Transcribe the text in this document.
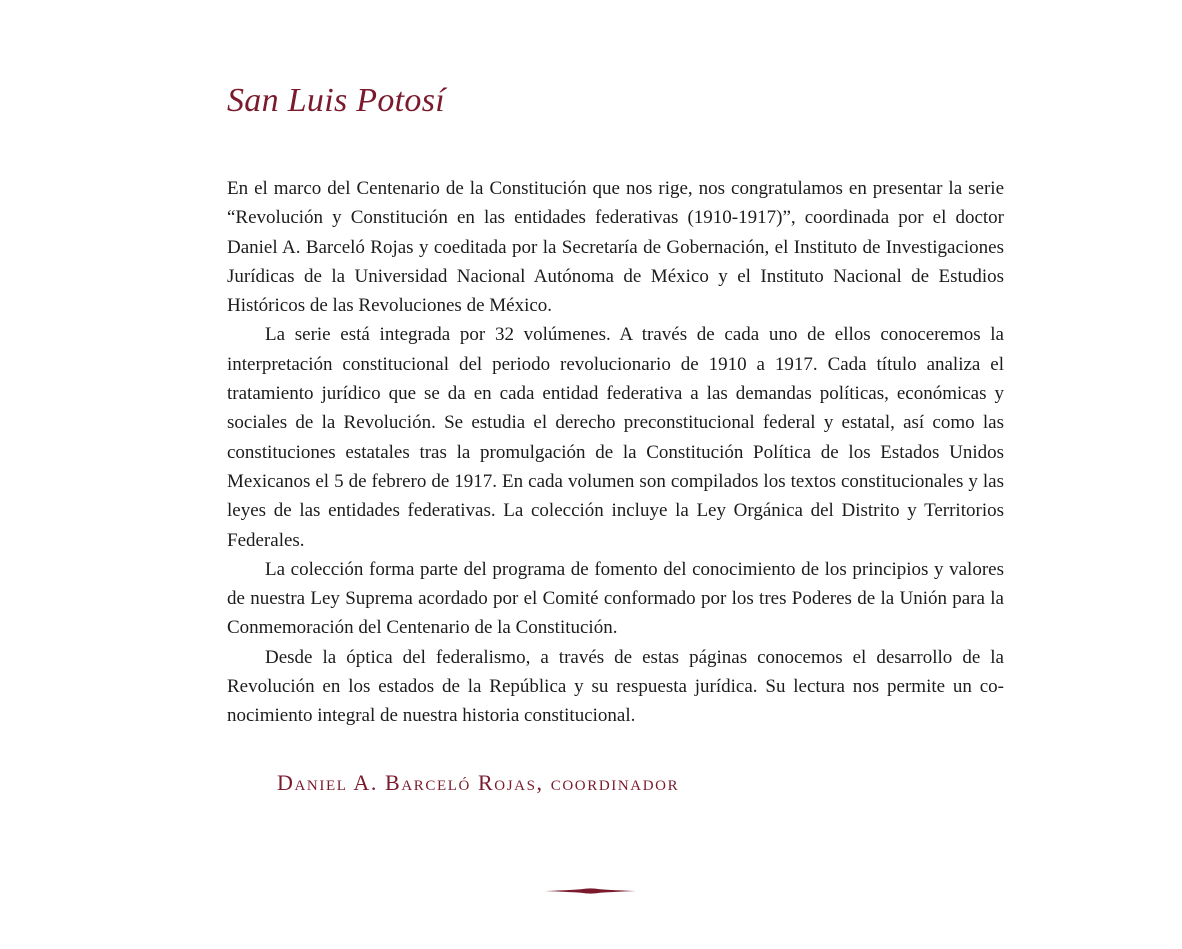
San Luis Potosí

En el marco del Centenario de la Constitución que nos rige, nos congratulamos en presentar la serie “Revolución y Constitución en las entidades federativas (1910-1917)”, coordinada por el doctor Daniel A. Barceló Rojas y coeditada por la Secretaría de Gobernación, el Instituto de Investigaciones Jurídicas de la Universidad Nacional Autónoma de México y el Instituto Nacional de Estudios Históricos de las Revoluciones de México.

La serie está integrada por 32 volúmenes. A través de cada uno de ellos conoceremos la interpretación constitucional del periodo revolucionario de 1910 a 1917. Cada título analiza el tratamiento jurídico que se da en cada entidad federativa a las demandas políticas, económicas y sociales de la Revolución. Se estudia el derecho preconstitucional federal y estatal, así como las constituciones estatales tras la promulgación de la Constitución Política de los Estados Unidos Mexicanos el 5 de febrero de 1917. En cada volumen son compilados los textos constitucionales y las leyes de las entidades federativas. La colección incluye la Ley Orgánica del Distrito y Territorios Federales.

La colección forma parte del programa de fomento del conocimiento de los principios y valores de nuestra Ley Suprema acordado por el Comité conformado por los tres Poderes de la Unión para la Conmemoración del Centenario de la Constitución.

Desde la óptica del federalismo, a través de estas páginas conocemos el desarrollo de la Revolución en los estados de la República y su respuesta jurídica. Su lectura nos permite un conocimiento integral de nuestra historia constitucional.

Daniel A. Barceló Rojas, coordinador
